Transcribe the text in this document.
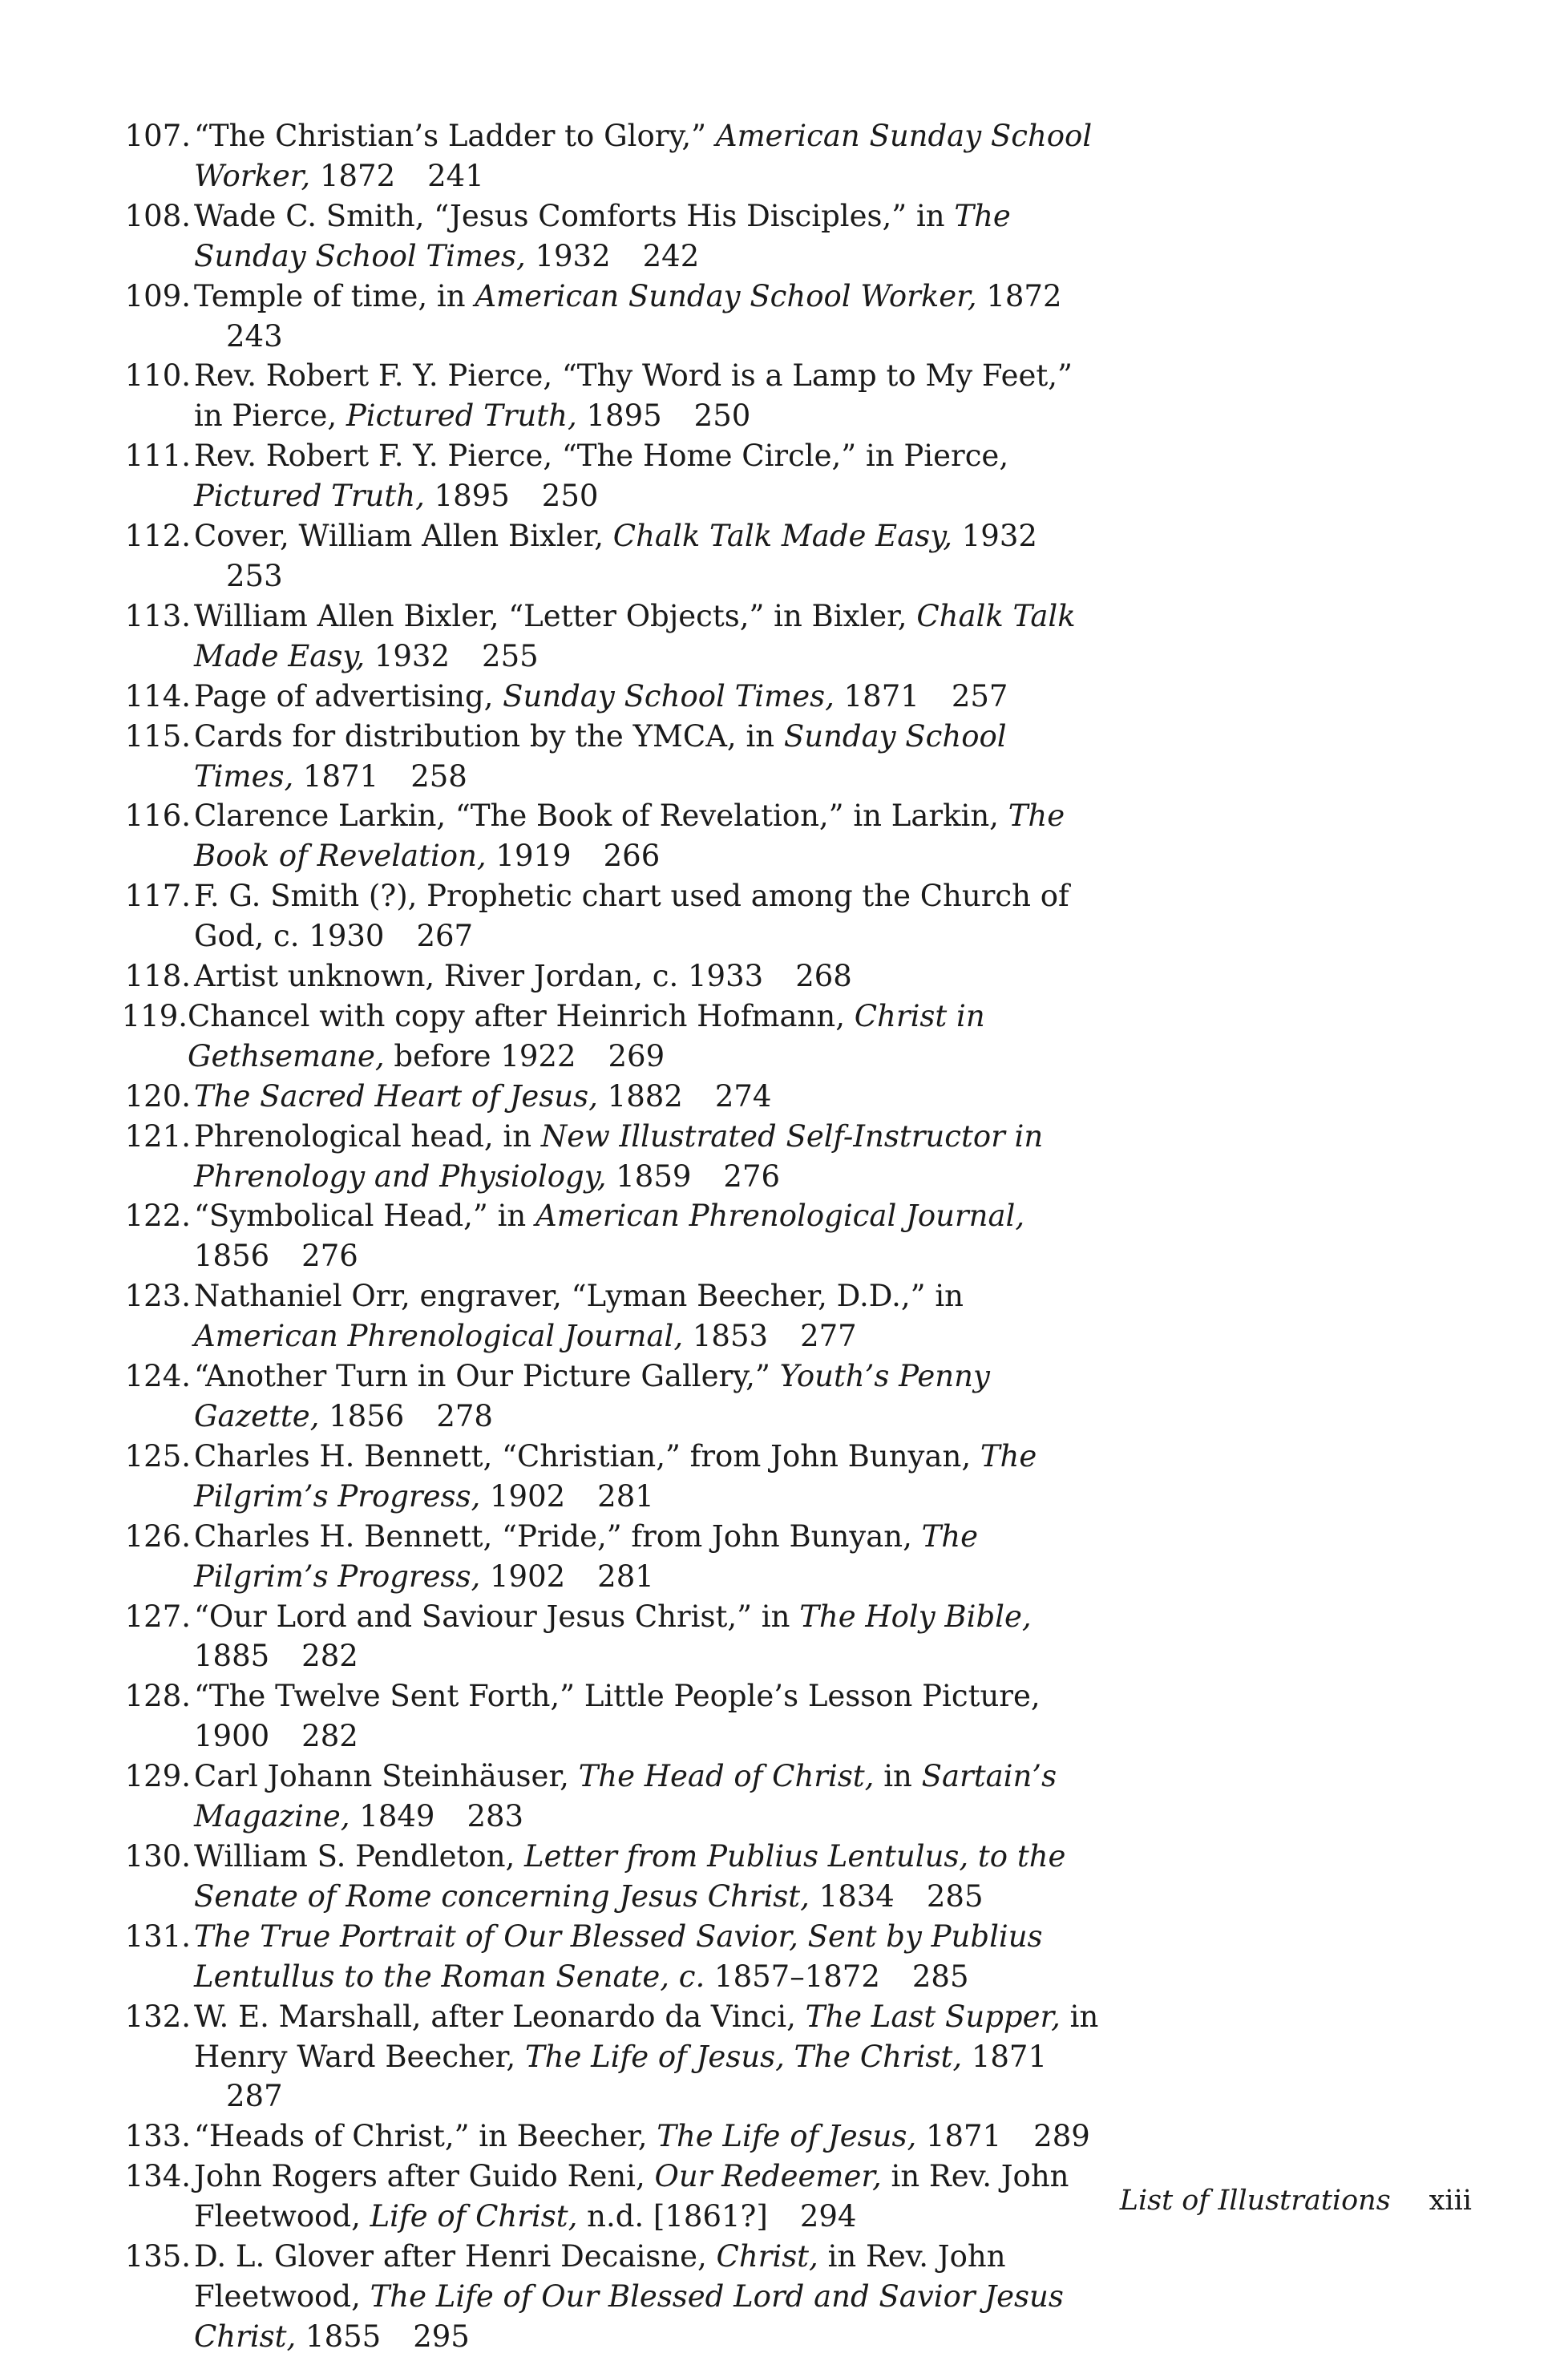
107. “The Christian’s Ladder to Glory,” American Sunday School Worker, 1872 241
108. Wade C. Smith, “Jesus Comforts His Disciples,” in The Sunday School Times, 1932 242
109. Temple of time, in American Sunday School Worker, 1872243
110. Rev. Robert F. Y. Pierce, “Thy Word is a Lamp to My Feet,” in Pierce, Pictured Truth, 1895 250
111. Rev. Robert F. Y. Pierce, “The Home Circle,” in Pierce, Pictured Truth, 1895 250
112. Cover, William Allen Bixler, Chalk Talk Made Easy, 1932253
113. William Allen Bixler, “Letter Objects,” in Bixler, Chalk Talk Made Easy, 1932 255
114. Page of advertising, Sunday School Times, 1871 257
115. Cards for distribution by the YMCA, in Sunday School Times, 1871 258
116. Clarence Larkin, “The Book of Revelation,” in Larkin, The Book of Revelation, 1919 266
117. F. G. Smith (?), Prophetic chart used among the Church of God, c. 1930 267
118. Artist unknown, River Jordan, c. 1933 268
119. Chancel with copy after Heinrich Hofmann, Christ in Gethsemane, before 1922 269
120. The Sacred Heart of Jesus, 1882 274
121. Phrenological head, in New Illustrated Self-Instructor in Phrenology and Physiology, 1859 276
122. “Symbolical Head,” in American Phrenological Journal, 1856 276
123. Nathaniel Orr, engraver, “Lyman Beecher, D.D.,” in American Phrenological Journal, 1853 277
124. “Another Turn in Our Picture Gallery,” Youth’s Penny Gazette, 1856 278
125. Charles H. Bennett, “Christian,” from John Bunyan, The Pilgrim’s Progress, 1902 281
126. Charles H. Bennett, “Pride,” from John Bunyan, The Pilgrim’s Progress, 1902 281
127. “Our Lord and Saviour Jesus Christ,” in The Holy Bible, 1885 282
128. “The Twelve Sent Forth,” Little People’s Lesson Picture, 1900 282
129. Carl Johann Steinhäuser, The Head of Christ, in Sartain’s Magazine, 1849 283
130. William S. Pendleton, Letter from Publius Lentulus, to the Senate of Rome concerning Jesus Christ, 1834 285
131. The True Portrait of Our Blessed Savior, Sent by Publius Lentullus to the Roman Senate, c. 1857–1872 285
132. W. E. Marshall, after Leonardo da Vinci, The Last Supper, in Henry Ward Beecher, The Life of Jesus, The Christ, 1871287
133. “Heads of Christ,” in Beecher, The Life of Jesus, 1871 289
134. John Rogers after Guido Reni, Our Redeemer, in Rev. John Fleetwood, Life of Christ, n.d. [1861?] 294
135. D. L. Glover after Henri Decaisne, Christ, in Rev. John Fleetwood, The Life of Our Blessed Lord and Savior Jesus Christ, 1855 295
List of Illustrations xiii
